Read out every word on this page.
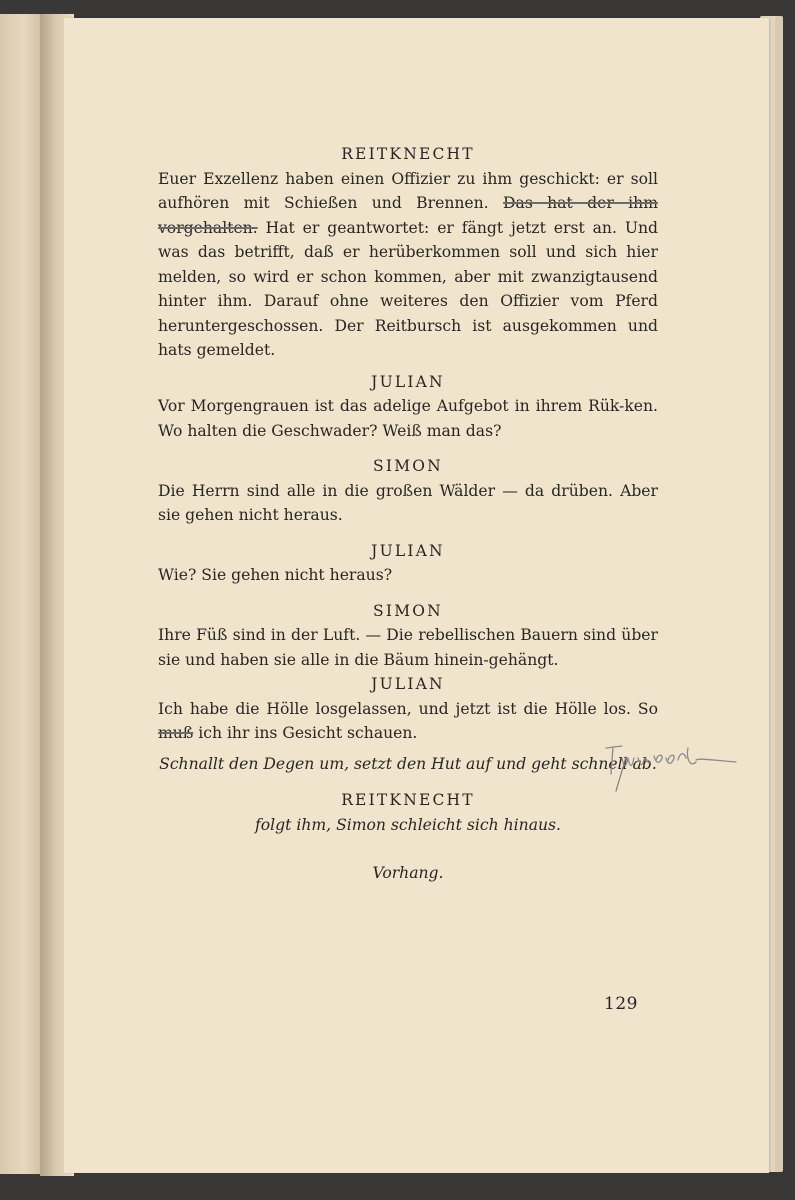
REITKNECHT

Euer Exzellenz haben einen Offizier zu ihm geschickt: er soll aufhören mit Schießen und Brennen. Das hat der ihm vorgehalten. Hat er geantwortet: er fängt jetzt erst an. Und was das betrifft, daß er herüberkommen soll und sich hier melden, so wird er schon kommen, aber mit zwanzigtausend hinter ihm. Darauf ohne weiteres den Offizier vom Pferd heruntergeschossen. Der Reitbursch ist ausgekommen und hats gemeldet.

JULIAN

Vor Morgengrauen ist das adelige Aufgebot in ihrem Rük-ken. Wo halten die Geschwader? Weiß man das?

SIMON

Die Herrn sind alle in die großen Wälder — da drüben. Aber sie gehen nicht heraus.

JULIAN

Wie? Sie gehen nicht heraus?

SIMON

Ihre Füß sind in der Luft. — Die rebellischen Bauern sind über sie und haben sie alle in die Bäum hinein-gehängt.

JULIAN

Ich habe die Hölle losgelassen, und jetzt ist die Hölle los. So muß ich ihr ins Gesicht schauen.

Schnallt den Degen um, setzt den Hut auf und geht schnell ab.

REITKNECHT

folgt ihm, Simon schleicht sich hinaus.

Vorhang.

129
